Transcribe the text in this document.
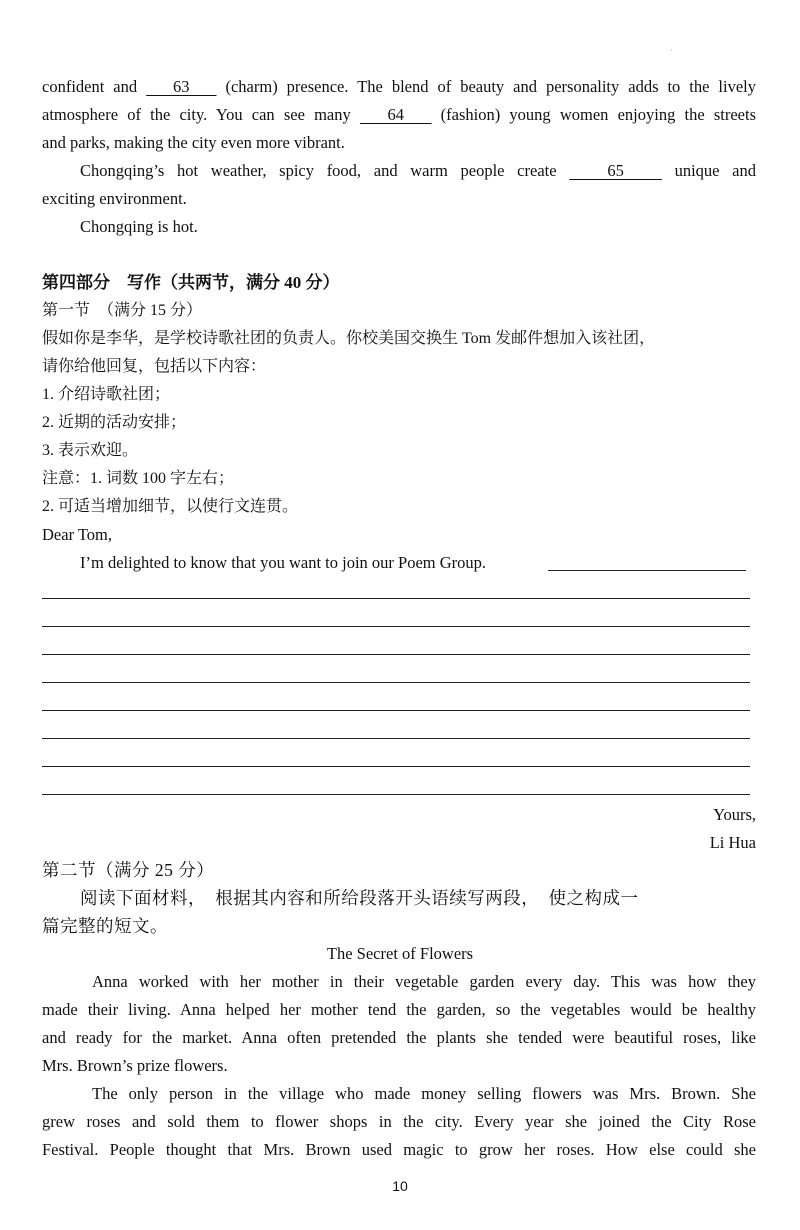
·
confident and    63    (charm) presence. The blend of beauty and personality adds to the lively
atmosphere of the city. You can see many    64    (fashion) young women enjoying the streets
and parks, making the city even more vibrant.
Chongqing’s hot weather, spicy food, and warm people create    65    unique and
exciting environment.
Chongqing is hot.
第四部分　写作（共两节，满分 40 分）
第一节　（满分 15 分）
假如你是李华，是学校诗歌社团的负责人。你校美国交换生 Tom 发邮件想加入该社团，
请你给他回复，包括以下内容：
1. 介绍诗歌社团；
2. 近期的活动安排；
3. 表示欢迎。
注意：1. 词数 100 字左右；
2. 可适当增加细节，以使行文连贯。
Dear Tom,
I’m delighted to know that you want to join our Poem Group.
Yours,
Li Hua
第二节（满分 25 分）
阅读下面材料，　根据其内容和所给段落开头语续写两段，　使之构成一
篇完整的短文。
The Secret of Flowers
Anna worked with her mother in their vegetable garden every day. This was how they
made their living. Anna helped her mother tend the garden, so the vegetables would be healthy
and ready for the market. Anna often pretended the plants she tended were beautiful roses, like
Mrs. Brown’s prize flowers.
The only person in the village who made money selling flowers was Mrs. Brown. She
grew roses and sold them to flower shops in the city. Every year she joined the City Rose
Festival. People thought that Mrs. Brown used magic to grow her roses. How else could she
10
